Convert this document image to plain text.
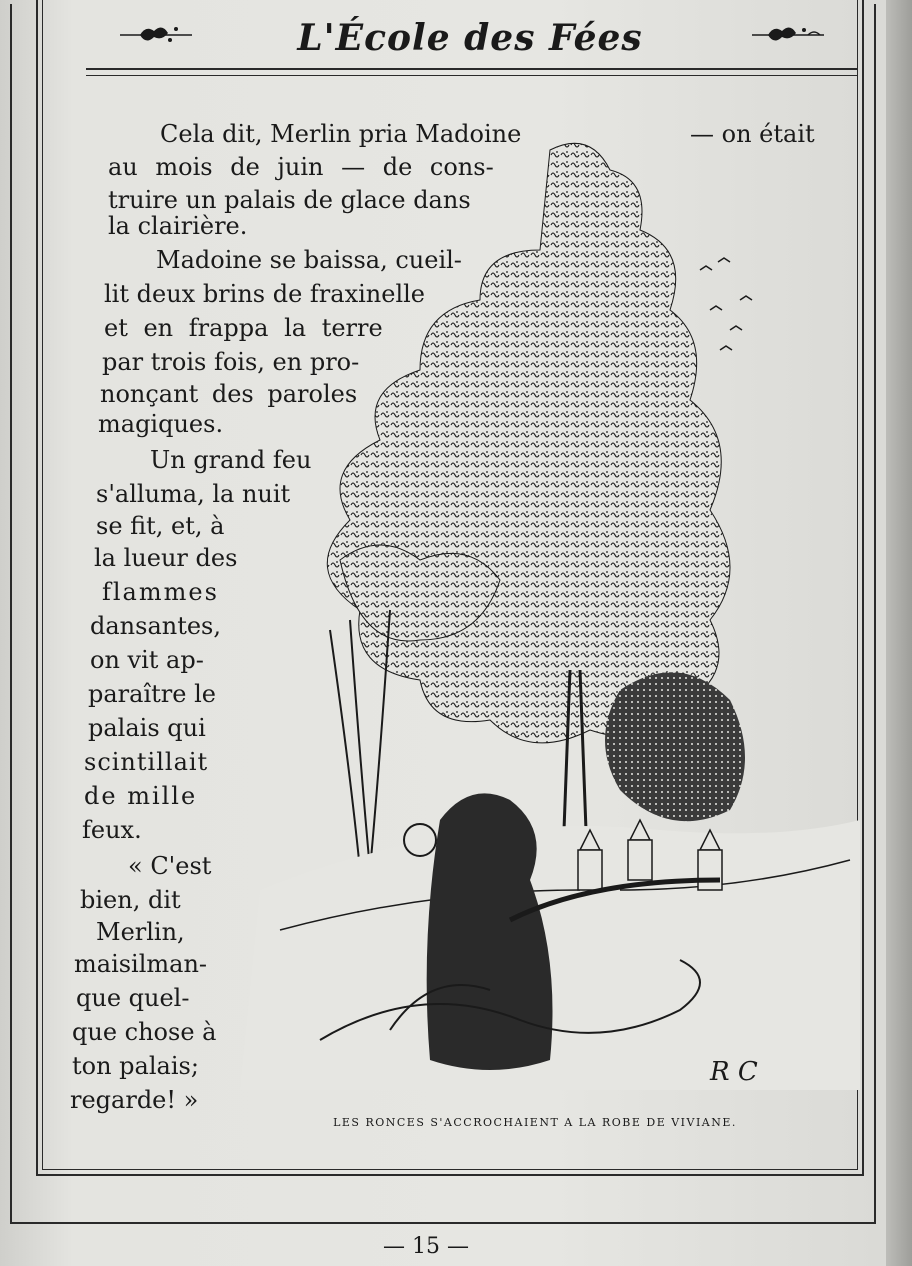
L'École des Fées
R C
Cela dit, Merlin pria Madoine	— on était
au mois de juin — de cons-
truire un palais de glace dans
la clairière.
Madoine se baissa, cueil-
lit deux brins de fraxinelle
et en frappa la terre
par trois fois, en pro-
nonçant des paroles
magiques.
Un grand feu
s'alluma, la nuit
se fit, et, à
la lueur des
flammes
dansantes,
on vit ap-
paraître le
palais qui
scintillait
de mille
feux.
« C'est
bien, dit
Merlin,
maisilman-
que quel-
que chose à
ton palais;
regarde! »
LES RONCES S'ACCROCHAIENT A LA ROBE DE VIVIANE.
— 15 —
